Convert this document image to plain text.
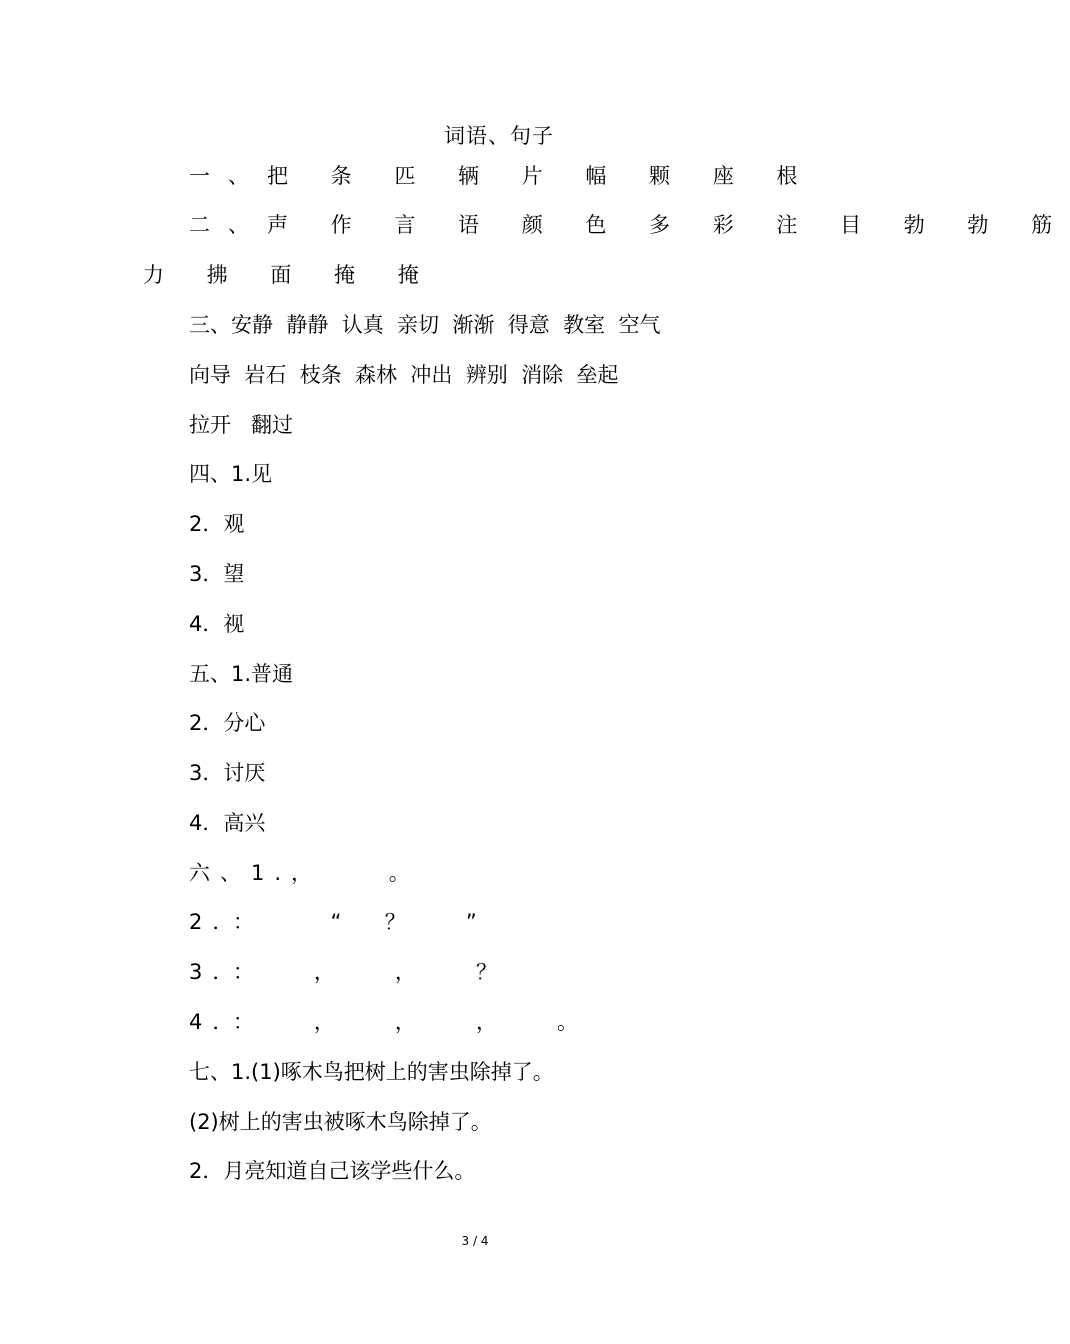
词语、句子
一、把 条 匹 辆 片 幅 颗 座 根
二、声 作 言 语 颜 色 多 彩 注 目 勃 勃 筋
力 拂 面 掩 掩
三、安静  静静  认真  亲切  渐渐  得意  教室  空气
向导  岩石  枝条  森林  冲出  辨别  消除  垒起
拉开   翻过
四、1.见
2．观
3．望
4．视
五、1.普通
2．分心
3．讨厌
4．高兴
六、1.，    。
2．：    “  ？   ”
3．：   ，   ，   ？
4．：   ，   ，   ，   。
七、1.(1)啄木鸟把树上的害虫除掉了。
(2)树上的害虫被啄木鸟除掉了。
2．月亮知道自己该学些什么。
3 / 4
